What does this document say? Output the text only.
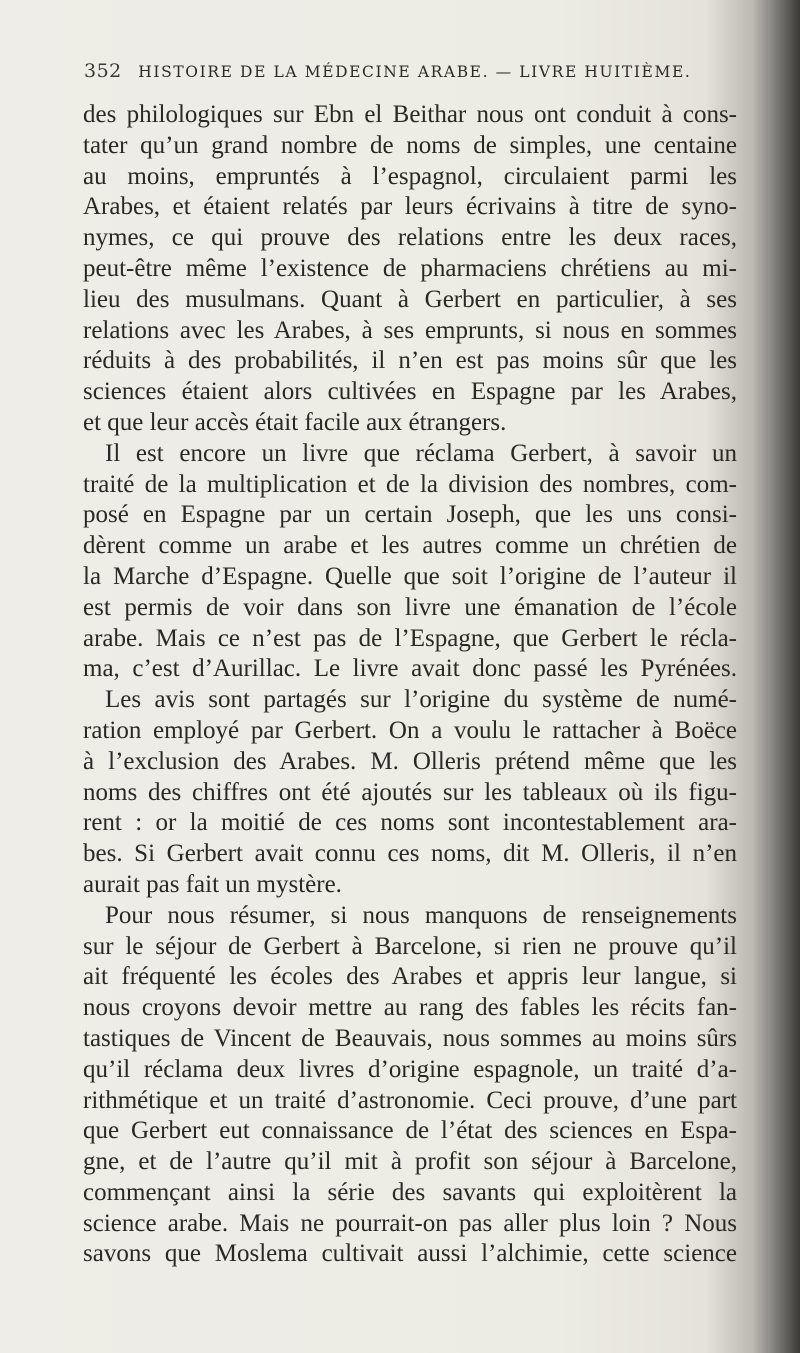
352 HISTOIRE DE LA MÉDECINE ARABE. — LIVRE HUITIÈME.
des philologiques sur Ebn el Beithar nous ont conduit à cons-
tater qu’un grand nombre de noms de simples, une centaine
au moins, empruntés à l’espagnol, circulaient parmi les
Arabes, et étaient relatés par leurs écrivains à titre de syno-
nymes, ce qui prouve des relations entre les deux races,
peut-être même l’existence de pharmaciens chrétiens au mi-
lieu des musulmans. Quant à Gerbert en particulier, à ses
relations avec les Arabes, à ses emprunts, si nous en sommes
réduits à des probabilités, il n’en est pas moins sûr que les
sciences étaient alors cultivées en Espagne par les Arabes,
et que leur accès était facile aux étrangers.
Il est encore un livre que réclama Gerbert, à savoir un
traité de la multiplication et de la division des nombres, com-
posé en Espagne par un certain Joseph, que les uns consi-
dèrent comme un arabe et les autres comme un chrétien de
la Marche d’Espagne. Quelle que soit l’origine de l’auteur il
est permis de voir dans son livre une émanation de l’école
arabe. Mais ce n’est pas de l’Espagne, que Gerbert le récla-
ma, c’est d’Aurillac. Le livre avait donc passé les Pyrénées.
Les avis sont partagés sur l’origine du système de numé-
ration employé par Gerbert. On a voulu le rattacher à Boëce
à l’exclusion des Arabes. M. Olleris prétend même que les
noms des chiffres ont été ajoutés sur les tableaux où ils figu-
rent : or la moitié de ces noms sont incontestablement ara-
bes. Si Gerbert avait connu ces noms, dit M. Olleris, il n’en
aurait pas fait un mystère.
Pour nous résumer, si nous manquons de renseignements
sur le séjour de Gerbert à Barcelone, si rien ne prouve qu’il
ait fréquenté les écoles des Arabes et appris leur langue, si
nous croyons devoir mettre au rang des fables les récits fan-
tastiques de Vincent de Beauvais, nous sommes au moins sûrs
qu’il réclama deux livres d’origine espagnole, un traité d’a-
rithmétique et un traité d’astronomie. Ceci prouve, d’une part
que Gerbert eut connaissance de l’état des sciences en Espa-
gne, et de l’autre qu’il mit à profit son séjour à Barcelone,
commençant ainsi la série des savants qui exploitèrent la
science arabe. Mais ne pourrait-on pas aller plus loin ? Nous
savons que Moslema cultivait aussi l’alchimie, cette science
